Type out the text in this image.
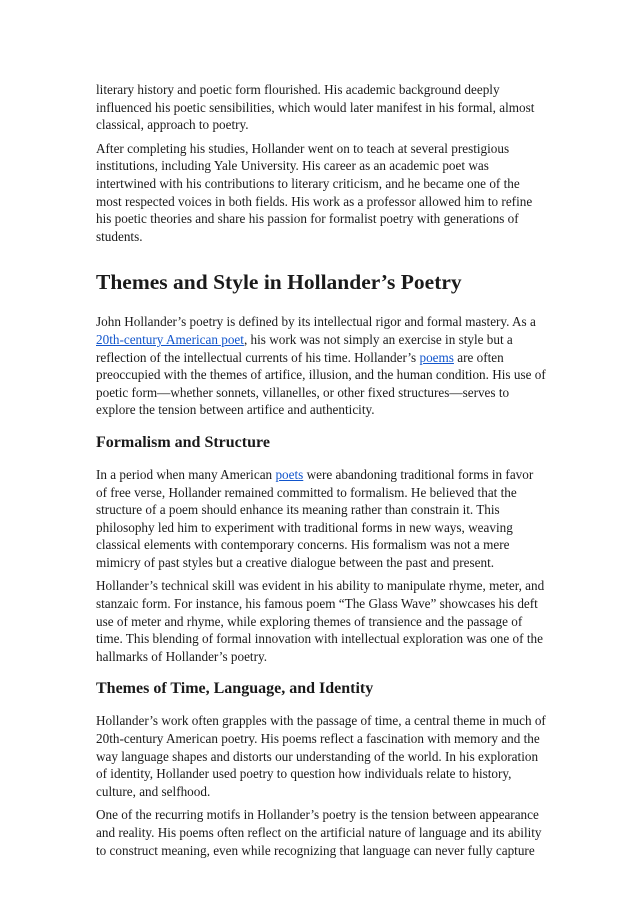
literary history and poetic form flourished. His academic background deeply influenced his poetic sensibilities, which would later manifest in his formal, almost classical, approach to poetry.

After completing his studies, Hollander went on to teach at several prestigious institutions, including Yale University. His career as an academic poet was intertwined with his contributions to literary criticism, and he became one of the most respected voices in both fields. His work as a professor allowed him to refine his poetic theories and share his passion for formalist poetry with generations of students.

Themes and Style in Hollander’s Poetry

John Hollander’s poetry is defined by its intellectual rigor and formal mastery. As a 20th-century American poet, his work was not simply an exercise in style but a reflection of the intellectual currents of his time. Hollander’s poems are often preoccupied with the themes of artifice, illusion, and the human condition. His use of poetic form—whether sonnets, villanelles, or other fixed structures—serves to explore the tension between artifice and authenticity.

Formalism and Structure

In a period when many American poets were abandoning traditional forms in favor of free verse, Hollander remained committed to formalism. He believed that the structure of a poem should enhance its meaning rather than constrain it. This philosophy led him to experiment with traditional forms in new ways, weaving classical elements with contemporary concerns. His formalism was not a mere mimicry of past styles but a creative dialogue between the past and present.

Hollander’s technical skill was evident in his ability to manipulate rhyme, meter, and stanzaic form. For instance, his famous poem “The Glass Wave” showcases his deft use of meter and rhyme, while exploring themes of transience and the passage of time. This blending of formal innovation with intellectual exploration was one of the hallmarks of Hollander’s poetry.

Themes of Time, Language, and Identity

Hollander’s work often grapples with the passage of time, a central theme in much of 20th-century American poetry. His poems reflect a fascination with memory and the way language shapes and distorts our understanding of the world. In his exploration of identity, Hollander used poetry to question how individuals relate to history, culture, and selfhood.

One of the recurring motifs in Hollander’s poetry is the tension between appearance and reality. His poems often reflect on the artificial nature of language and its ability to construct meaning, even while recognizing that language can never fully capture
